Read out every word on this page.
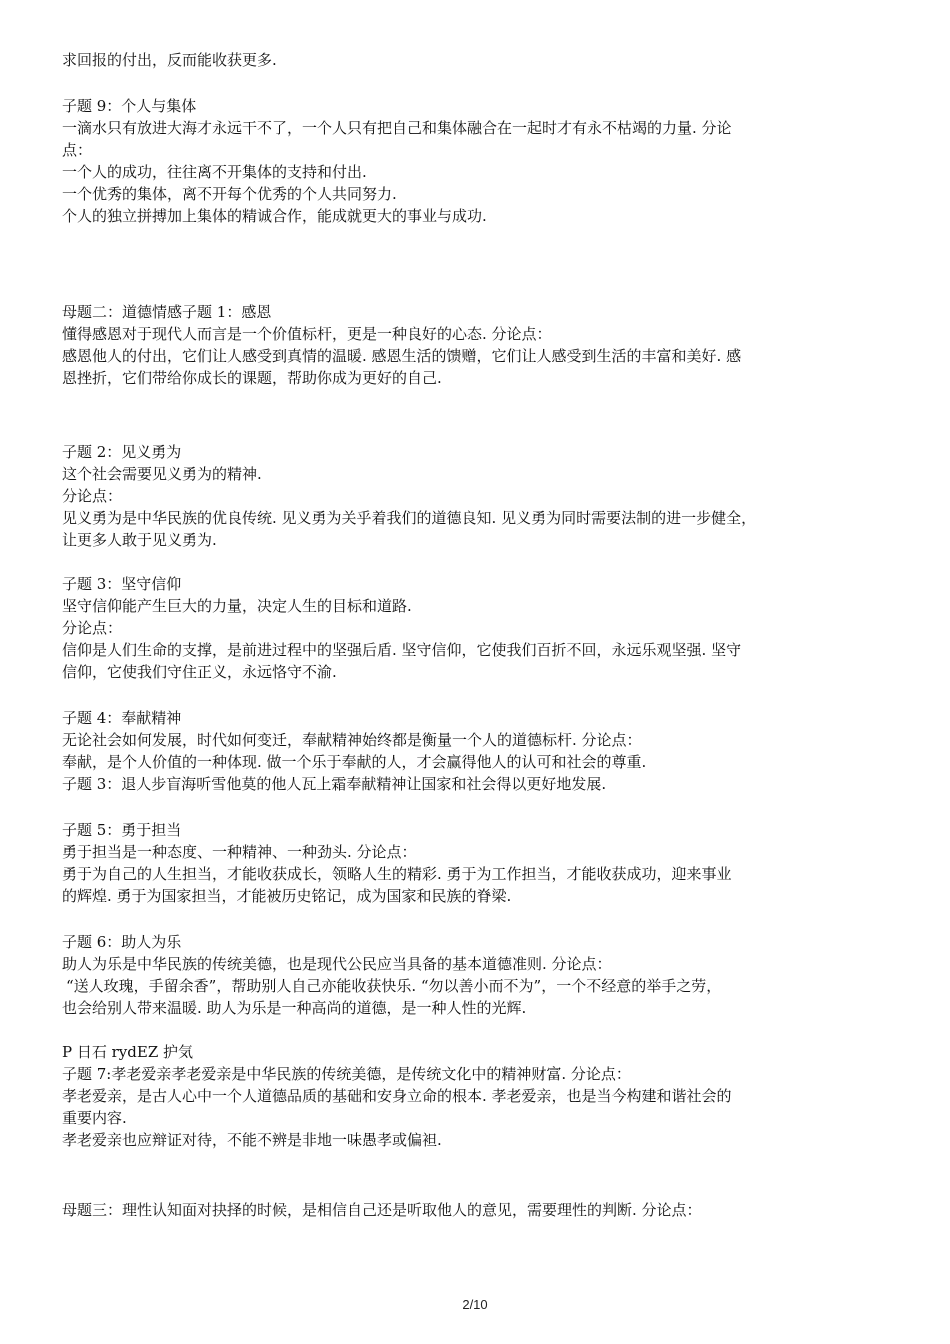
求回报的付出，反而能收获更多.
子题 9：个人与集体
一滴水只有放进大海才永远干不了，一个人只有把自己和集体融合在一起时才有永不枯竭的力量. 分论
点：
一个人的成功，往往离不开集体的支持和付出.
一个优秀的集体，离不开每个优秀的个人共同努力.
个人的独立拼搏加上集体的精诚合作，能成就更大的事业与成功.
母题二：道德情感子题 1：感恩
懂得感恩对于现代人而言是一个价值标杆，更是一种良好的心态. 分论点：
感恩他人的付出，它们让人感受到真情的温暖. 感恩生活的馈赠，它们让人感受到生活的丰富和美好. 感
恩挫折，它们带给你成长的课题，帮助你成为更好的自己.
子题 2：见义勇为
这个社会需要见义勇为的精神.
分论点：
见义勇为是中华民族的优良传统. 见义勇为关乎着我们的道德良知. 见义勇为同时需要法制的进一步健全，
让更多人敢于见义勇为.
子题 3：坚守信仰
坚守信仰能产生巨大的力量，决定人生的目标和道路.
分论点：
信仰是人们生命的支撑，是前进过程中的坚强后盾. 坚守信仰，它使我们百折不回，永远乐观坚强. 坚守
信仰，它使我们守住正义，永远恪守不渝.
子题 4：奉献精神
无论社会如何发展，时代如何变迁，奉献精神始终都是衡量一个人的道德标杆. 分论点：
奉献，是个人价值的一种体现. 做一个乐于奉献的人，才会赢得他人的认可和社会的尊重.
子题 3：退人步盲海听雪他莫的他人瓦上霜奉献精神让国家和社会得以更好地发展.
子题 5：勇于担当
勇于担当是一种态度、一种精神、一种劲头. 分论点：
勇于为自己的人生担当，才能收获成长，领略人生的精彩. 勇于为工作担当，才能收获成功，迎来事业
的辉煌. 勇于为国家担当，才能被历史铭记，成为国家和民族的脊梁.
子题 6：助人为乐
助人为乐是中华民族的传统美德，也是现代公民应当具备的基本道德准则. 分论点：
“送人玫瑰，手留余香”，帮助别人自己亦能收获快乐. “勿以善小而不为”，一个不经意的举手之劳，
也会给别人带来温暖. 助人为乐是一种高尚的道德，是一种人性的光辉.
P 日石 rydEZ 护気
子题 7:孝老爱亲孝老爱亲是中华民族的传统美德，是传统文化中的精神财富. 分论点：
孝老爱亲，是古人心中一个人道德品质的基础和安身立命的根本. 孝老爱亲，也是当今构建和谐社会的
重要内容.
孝老爱亲也应辩证对待，不能不辨是非地一味愚孝或偏袒.
母题三：理性认知面对抉择的时候，是相信自己还是听取他人的意见，需要理性的判断. 分论点：
2/10
